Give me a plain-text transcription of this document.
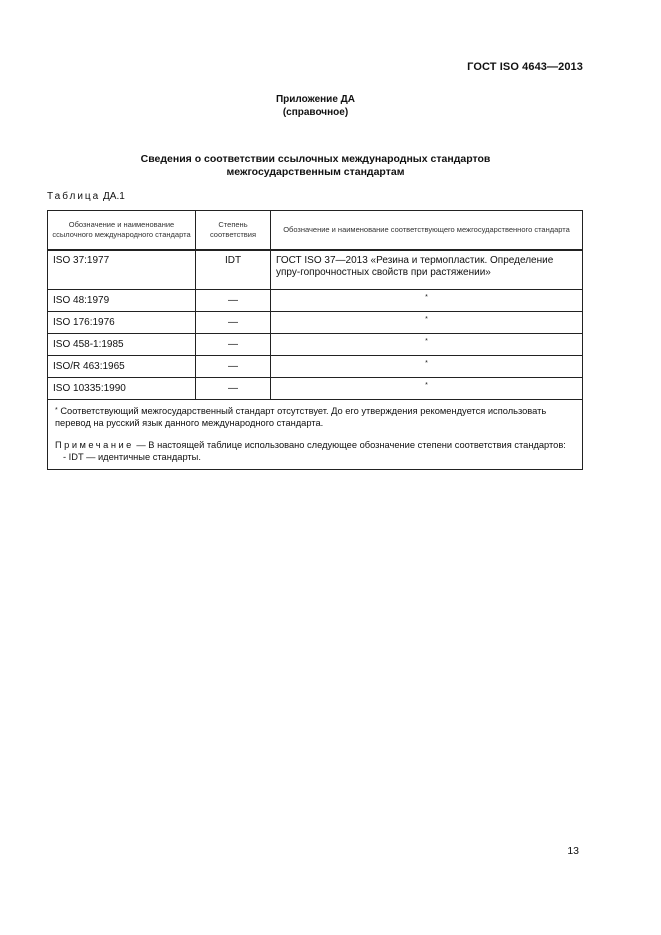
ГОСТ ISO 4643—2013
Приложение ДА
(справочное)
Сведения о соответствии ссылочных международных стандартов
межгосударственным стандартам
Таблица ДА.1
Обозначение и наименование ссылочного международного стандарта	Степень соответствия	Обозначение и наименование соответствующего межгосударственного стандарта
ISO 37:1977	IDT	ГОСТ ISO 37—2013 «Резина и термопластик. Определение упру-гопрочностных свойств при растяжении»
ISO 48:1979	—	*
ISO 176:1976	—	*
ISO 458-1:1985	—	*
ISO/R 463:1965	—	*
ISO 10335:1990	—	*

* Соответствующий межгосударственный стандарт отсутствует. До его утверждения рекомендуется использовать перевод на русский язык данного международного стандарта.

Примечание — В настоящей таблице использовано следующее обозначение степени соответствия стандартов:

- IDT — идентичные стандарты.		

13
